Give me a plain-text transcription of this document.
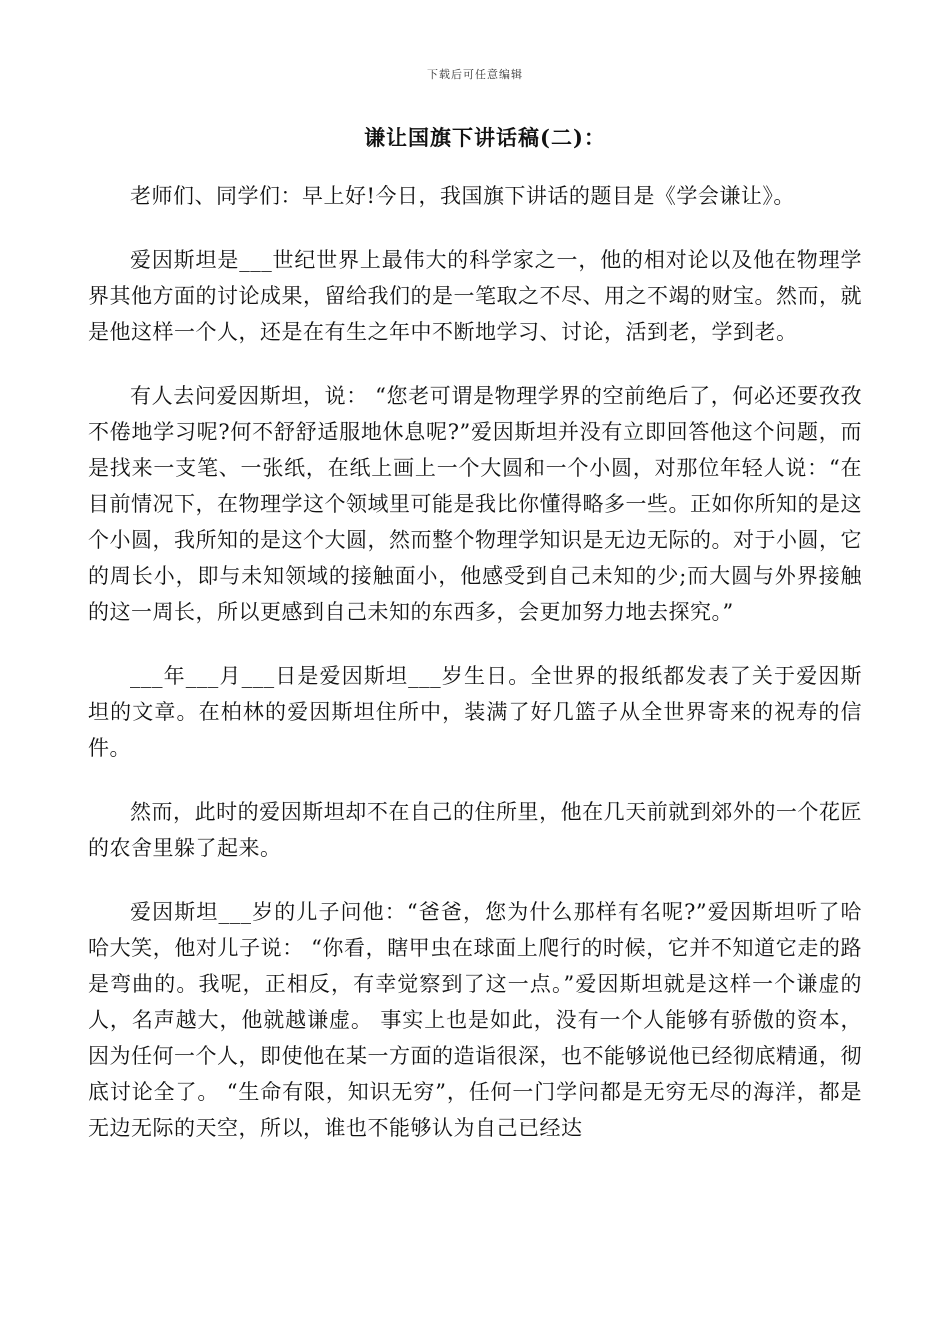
下载后可任意编辑
谦让国旗下讲话稿(二)：

老师们、同学们：早上好!今日，我国旗下讲话的题目是《学会谦让》。

爱因斯坦是___世纪世界上最伟大的科学家之一，他的相对论以及他在物理学界其他方面的讨论成果，留给我们的是一笔取之不尽、用之不竭的财宝。然而，就是他这样一个人，还是在有生之年中不断地学习、讨论，活到老，学到老。

有人去问爱因斯坦，说： “您老可谓是物理学界的空前绝后了，何必还要孜孜不倦地学习呢?何不舒舒适服地休息呢?”爱因斯坦并没有立即回答他这个问题，而是找来一支笔、一张纸，在纸上画上一个大圆和一个小圆，对那位年轻人说：“在目前情况下，在物理学这个领域里可能是我比你懂得略多一些。正如你所知的是这个小圆，我所知的是这个大圆，然而整个物理学知识是无边无际的。对于小圆，它的周长小，即与未知领域的接触面小，他感受到自己未知的少;而大圆与外界接触的这一周长，所以更感到自己未知的东西多，会更加努力地去探究。”

___年___月___日是爱因斯坦___岁生日。全世界的报纸都发表了关于爱因斯坦的文章。在柏林的爱因斯坦住所中，装满了好几篮子从全世界寄来的祝寿的信件。

然而，此时的爱因斯坦却不在自己的住所里，他在几天前就到郊外的一个花匠的农舍里躲了起来。

爱因斯坦___岁的儿子问他：“爸爸，您为什么那样有名呢?”爱因斯坦听了哈哈大笑，他对儿子说： “你看，瞎甲虫在球面上爬行的时候，它并不知道它走的路是弯曲的。我呢，正相反，有幸觉察到了这一点。”爱因斯坦就是这样一个谦虚的人，名声越大，他就越谦虚。 事实上也是如此，没有一个人能够有骄傲的资本，因为任何一个人，即使他在某一方面的造诣很深，也不能够说他已经彻底精通，彻底讨论全了。 “生命有限，知识无穷”，任何一门学问都是无穷无尽的海洋，都是无边无际的天空，所以，谁也不能够认为自己已经达
